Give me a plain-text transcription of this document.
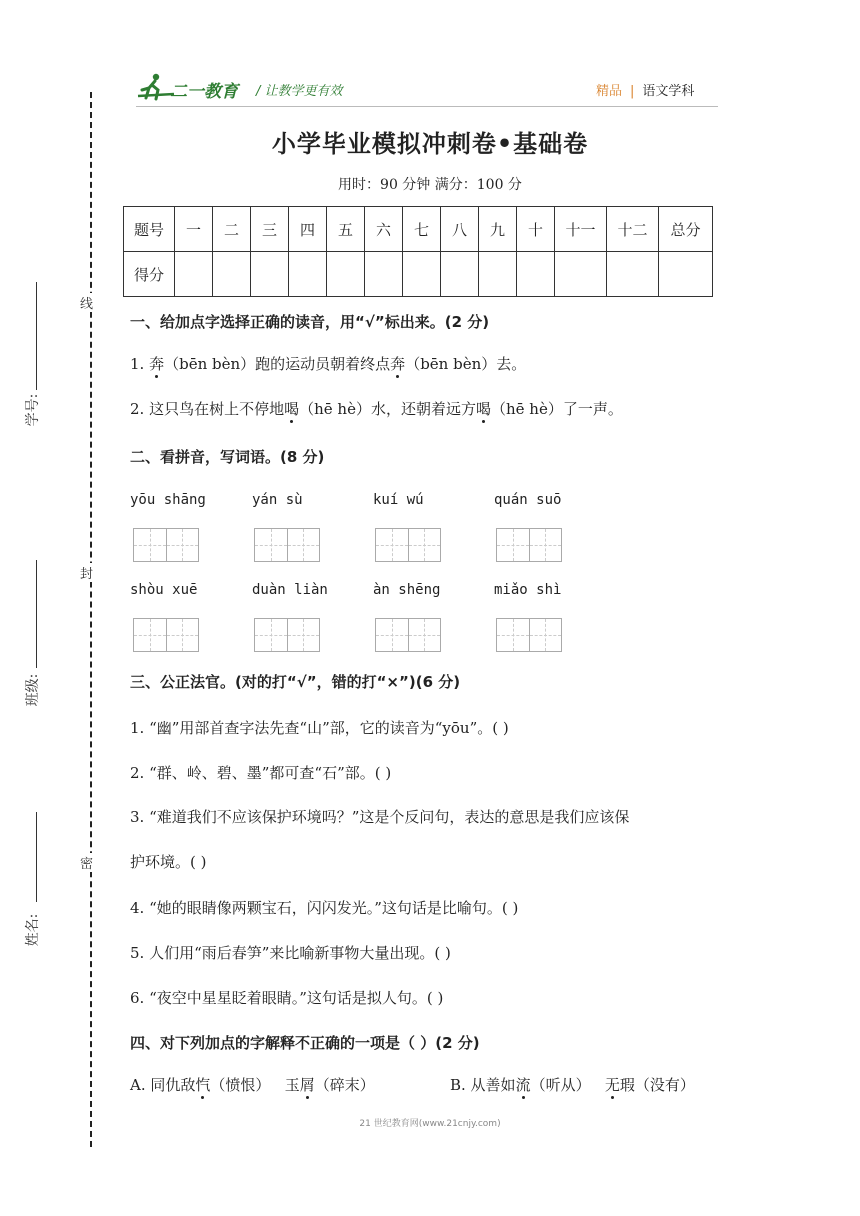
二一教育 / 让教学更有效	精品 | 语文学科
线
封
密
学号:
班级:
姓名:
小学毕业模拟冲刺卷•基础卷
用时：90 分钟 满分：100 分
题号	一	二	三	四	五	六	七	八	九	十	十一	十二	总分
得分													
一、给加点字选择正确的读音，用“√”标出来。(2 分)
1. 奔（bēn bèn）跑的运动员朝着终点奔（bēn bèn）去。
2. 这只鸟在树上不停地喝（hē hè）水，还朝着远方喝（hē hè）了一声。
二、看拼音，写词语。(8 分)
yōu shāng	yán sù	kuí wú	quán suō
shòu xuē	duàn liàn	àn shēng	miǎo shì
三、公正法官。(对的打“√”，错的打“×”)(6 分)
1. “幽”用部首查字法先查“山”部，它的读音为“yōu”。( )
2. “群、岭、碧、墨”都可查“石”部。( )
3. “难道我们不应该保护环境吗？”这是个反问句，表达的意思是我们应该保
护环境。( )
4. “她的眼睛像两颗宝石，闪闪发光。”这句话是比喻句。( )
5. 人们用“雨后春笋”来比喻新事物大量出现。( )
6. “夜空中星星眨着眼睛。”这句话是拟人句。( )
四、对下列加点的字解释不正确的一项是（ ）(2 分)
A. 同仇敌忾（愤恨）   玉屑（碎末）	B. 从善如流（听从）   无瑕（没有）
21 世纪教育网(www.21cnjy.com)
